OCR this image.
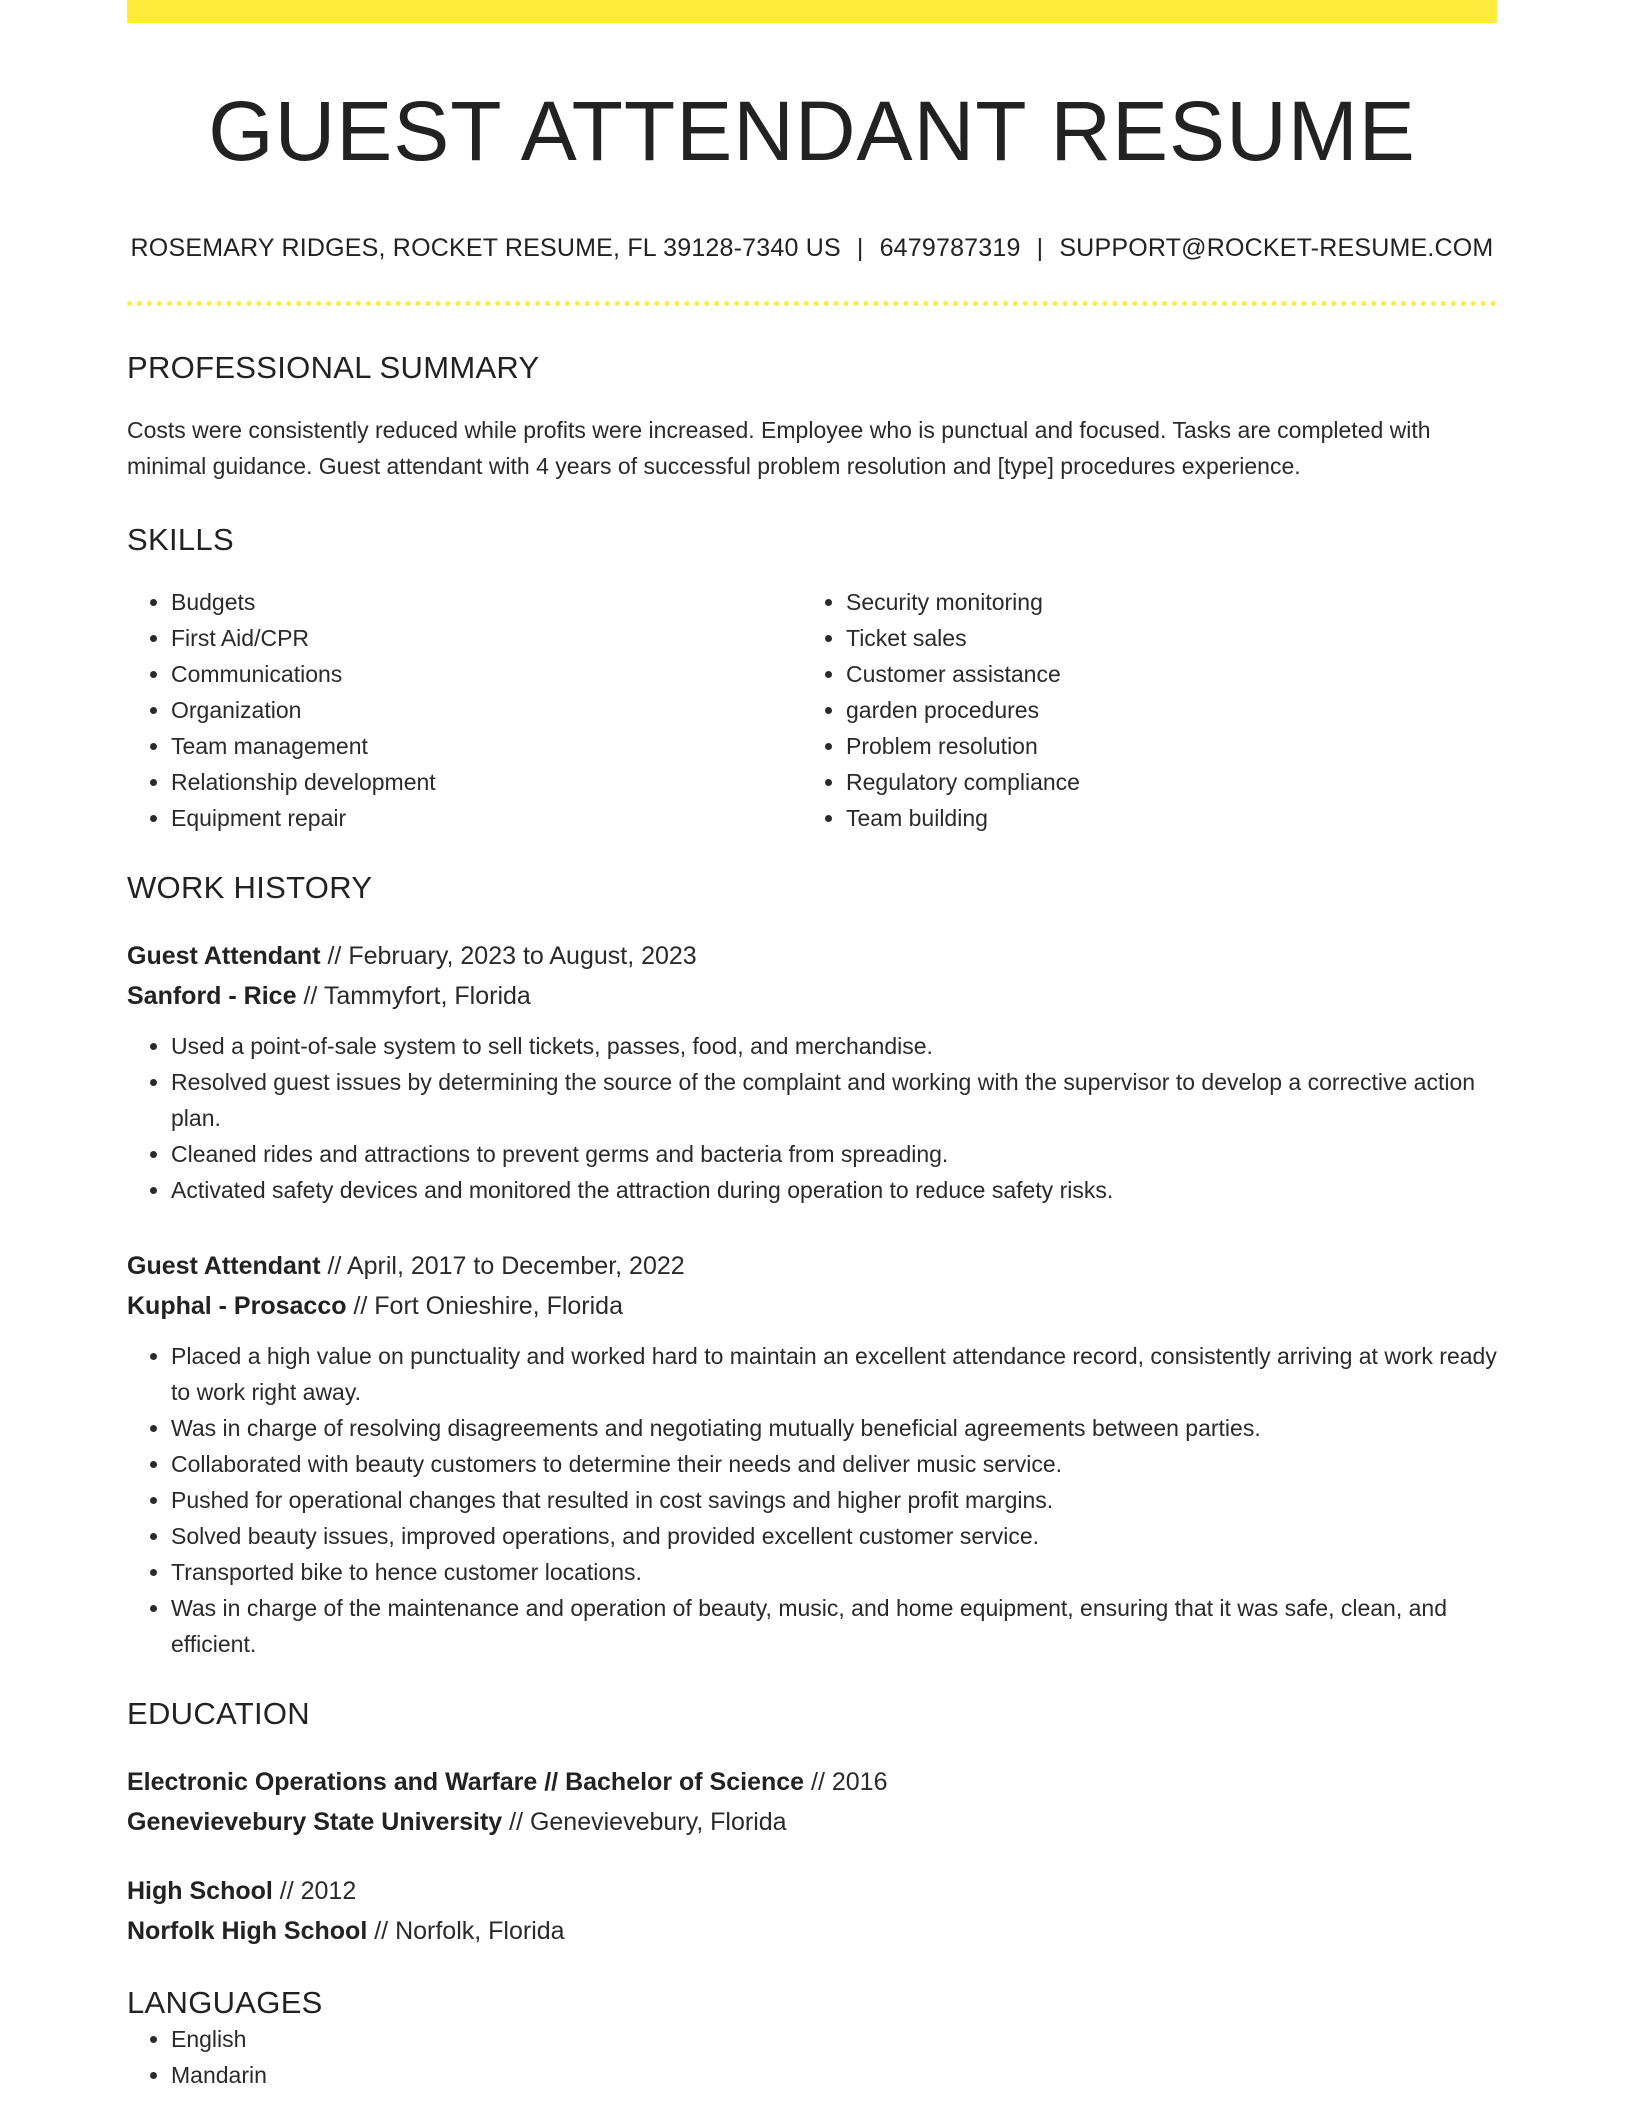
GUEST ATTENDANT RESUME
ROSEMARY RIDGES, ROCKET RESUME, FL 39128-7340 US | 6479787319 | SUPPORT@ROCKET-RESUME.COM
PROFESSIONAL SUMMARY

Costs were consistently reduced while profits were increased. Employee who is punctual and focused. Tasks are completed with minimal guidance. Guest attendant with 4 years of successful problem resolution and [type] procedures experience.

SKILLS
• Budgets
• First Aid/CPR
• Communications
• Organization
• Team management
• Relationship development
• Equipment repair
• Security monitoring
• Ticket sales
• Customer assistance
• garden procedures
• Problem resolution
• Regulatory compliance
• Team building
WORK HISTORY
Guest Attendant // February, 2023 to August, 2023
Sanford - Rice // Tammyfort, Florida
• Used a point-of-sale system to sell tickets, passes, food, and merchandise.
• Resolved guest issues by determining the source of the complaint and working with the supervisor to develop a corrective action plan.
• Cleaned rides and attractions to prevent germs and bacteria from spreading.
• Activated safety devices and monitored the attraction during operation to reduce safety risks.
Guest Attendant // April, 2017 to December, 2022
Kuphal - Prosacco // Fort Onieshire, Florida
• Placed a high value on punctuality and worked hard to maintain an excellent attendance record, consistently arriving at work ready to work right away.
• Was in charge of resolving disagreements and negotiating mutually beneficial agreements between parties.
• Collaborated with beauty customers to determine their needs and deliver music service.
• Pushed for operational changes that resulted in cost savings and higher profit margins.
• Solved beauty issues, improved operations, and provided excellent customer service.
• Transported bike to hence customer locations.
• Was in charge of the maintenance and operation of beauty, music, and home equipment, ensuring that it was safe, clean, and efficient.
EDUCATION
Electronic Operations and Warfare // Bachelor of Science // 2016
Genevievebury State University // Genevievebury, Florida
High School // 2012
Norfolk High School // Norfolk, Florida
LANGUAGES
• English
• Mandarin
